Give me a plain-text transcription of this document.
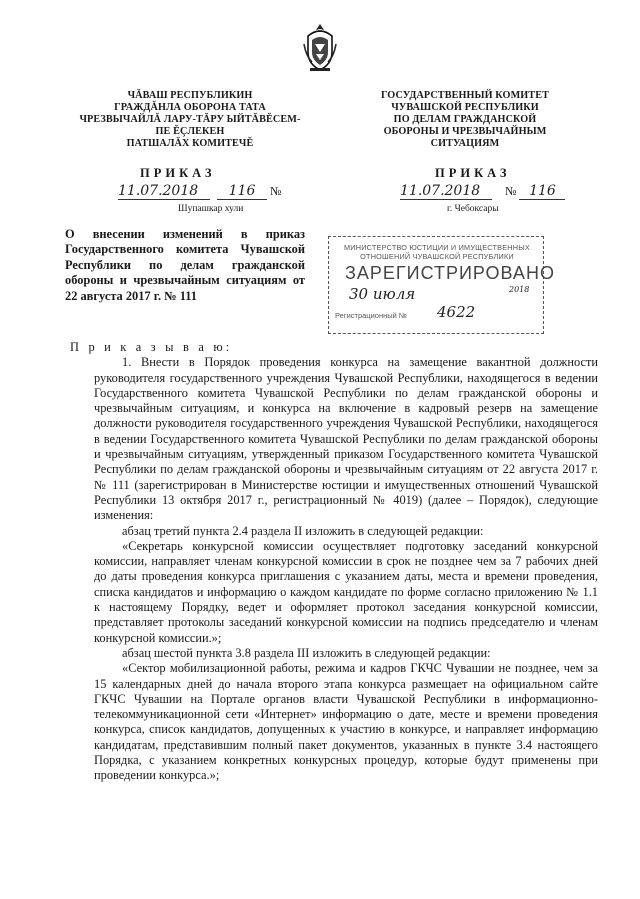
ЧĂВАШ РЕСПУБЛИКИН
ГРАЖДĂНЛА ОБОРОНА ТАТА
ЧРЕЗВЫЧАЙЛĂ ЛАРУ-ТĂРУ ЫЙТĂВĔСЕМ-
ПЕ ĔÇЛЕКЕН
ПАТШАЛĂХ КОМИТЕЧĔ
ГОСУДАРСТВЕННЫЙ КОМИТЕТ
ЧУВАШСКОЙ РЕСПУБЛИКИ
ПО ДЕЛАМ ГРАЖДАНСКОЙ
ОБОРОНЫ И ЧРЕЗВЫЧАЙНЫМ
СИТУАЦИЯМ
ПРИКАЗ	ПРИКАЗ
11.07.2018 116 №	11.07.2018 № 116
Шупашкар хули	г. Чебоксары
О внесении изменений в приказ Государственного комитета Чувашской Республики по делам гражданской обороны и чрезвычайным ситуациям от 22 августа 2017 г. № 111
МИНИСТЕРСТВО ЮСТИЦИИ И ИМУЩЕСТВЕННЫХ
ОТНОШЕНИЙ ЧУВАШСКОЙ РЕСПУБЛИКИ
ЗАРЕГИСТРИРОВАНО
30 июля	2018
Регистрационный № 4622

П р и к а з ы в а ю:

1. Внести в Порядок проведения конкурса на замещение вакантной должности руководителя государственного учреждения Чувашской Республики, находящегося в ведении Государственного комитета Чувашской Республики по делам гражданской обороны и чрезвычайным ситуациям, и конкурса на включение в кадровый резерв на замещение должности руководителя государственного учреждения Чувашской Республики, находящегося в ведении Государственного комитета Чувашской Республики по делам гражданской обороны и чрезвычайным ситуациям, утвержденный приказом Государственного комитета Чувашской Республики по делам гражданской обороны и чрезвычайным ситуациям от 22 августа 2017 г. № 111 (зарегистрирован в Министерстве юстиции и имущественных отношений Чувашской Республики 13 октября 2017 г., регистрационный № 4019) (далее – Порядок), следующие изменения:

абзац третий пункта 2.4 раздела II изложить в следующей редакции:

«Секретарь конкурсной комиссии осуществляет подготовку заседаний конкурсной комиссии, направляет членам конкурсной комиссии в срок не позднее чем за 7 рабочих дней до даты проведения конкурса приглашения с указанием даты, места и времени проведения, списка кандидатов и информацию о каждом кандидате по форме согласно приложению № 1.1 к настоящему Порядку, ведет и оформляет протокол заседания конкурсной комиссии, представляет протоколы заседаний конкурсной комиссии на подпись председателю и членам конкурсной комиссии.»;

абзац шестой пункта 3.8 раздела III изложить в следующей редакции:

«Сектор мобилизационной работы, режима и кадров ГКЧС Чувашии не позднее, чем за 15 календарных дней до начала второго этапа конкурса размещает на официальном сайте ГКЧС Чувашии на Портале органов власти Чувашской Республики в информационно-телекоммуникационной сети «Интернет» информацию о дате, месте и времени проведения конкурса, список кандидатов, допущенных к участию в конкурсе, и направляет информацию кандидатам, представившим полный пакет документов, указанных в пункте 3.4 настоящего Порядка, с указанием конкретных конкурсных процедур, которые будут применены при проведении конкурса.»;
